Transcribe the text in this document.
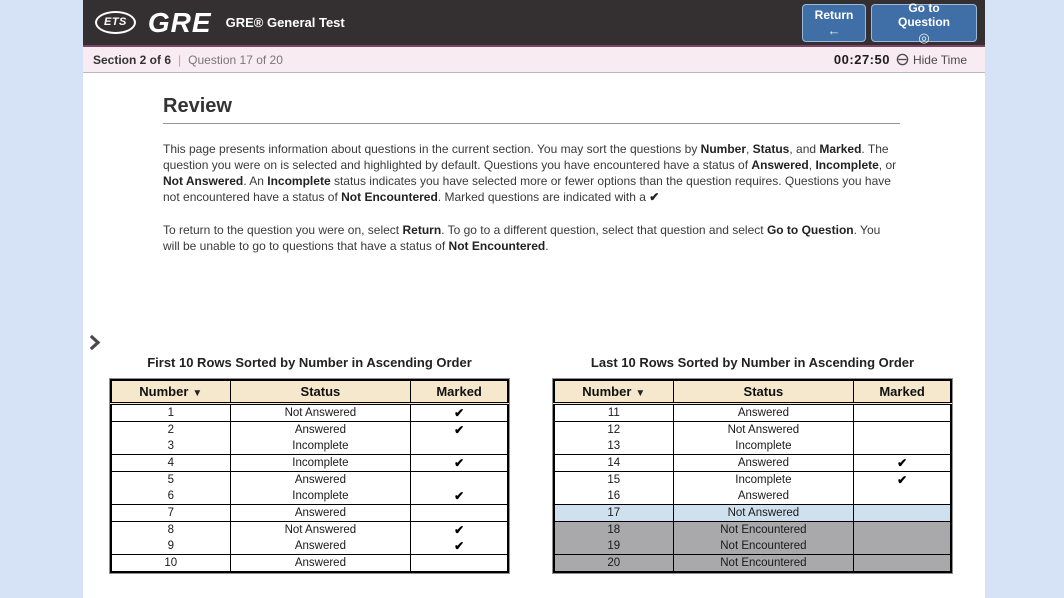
ETS GRE GRE® General Test	Return
←
Go to Question
◎
Section 2 of 6 | Question 17 of 20	00:27:50 Hide Time
Review

This page presents information about questions in the current section. You may sort the questions by Number, Status, and Marked. The question you were on is selected and highlighted by default. Questions you have encountered have a status of Answered, Incomplete, or Not Answered. An Incomplete status indicates you have selected more or fewer options than the question requires. Questions you have not encountered have a status of Not Encountered. Marked questions are indicated with a ✔

To return to the question you were on, select Return. To go to a different question, select that question and select Go to Question. You will be unable to go to questions that have a status of Not Encountered.

First 10 Rows Sorted by Number in Ascending Order
Number ▼	Status	Marked
1	Not Answered	✔
2	Answered	✔
3	Incomplete	
4	Incomplete	✔
5	Answered	
6	Incomplete	✔
7	Answered	
8	Not Answered	✔
9	Answered	✔
10	Answered	
Last 10 Rows Sorted by Number in Ascending Order
Number ▼	Status	Marked
11	Answered	
12	Not Answered	
13	Incomplete	
14	Answered	✔
15	Incomplete	✔
16	Answered	
17	Not Answered	
18	Not Encountered	
19	Not Encountered	
20	Not Encountered	
